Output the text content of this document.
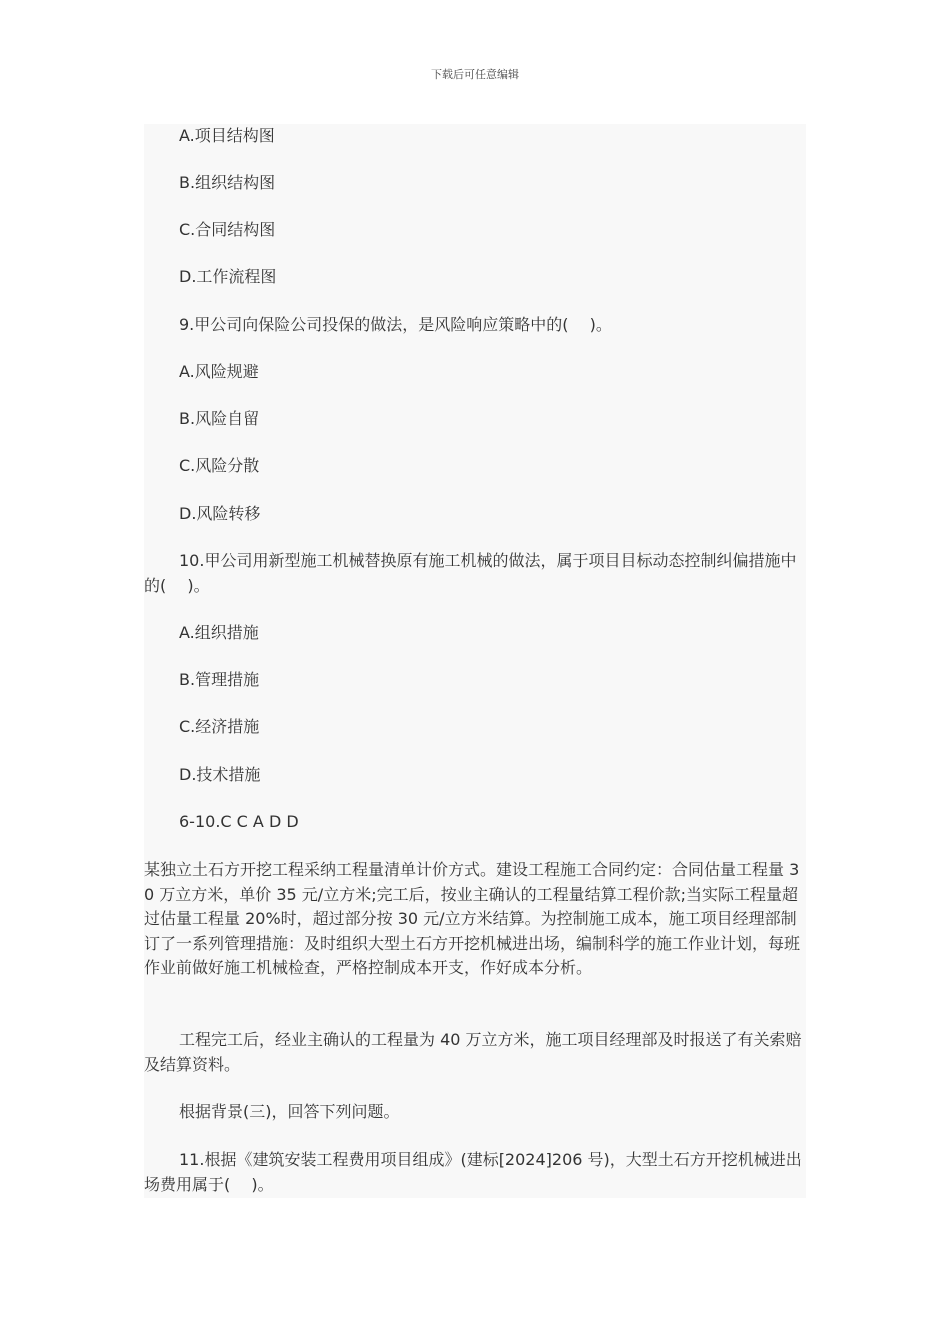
下载后可任意编辑

A.项目结构图

B.组织结构图

C.合同结构图

D.工作流程图

9.甲公司向保险公司投保的做法，是风险响应策略中的(　 )。

A.风险规避

B.风险自留

C.风险分散

D.风险转移

10.甲公司用新型施工机械替换原有施工机械的做法，属于项目目标动态控制纠偏措施中的(　 )。

A.组织措施

B.管理措施

C.经济措施

D.技术措施

6-10.C C A D D

某独立土石方开挖工程采纳工程量清单计价方式。建设工程施工合同约定：合同估量工程量 30 万立方米，单价 35 元/立方米;完工后，按业主确认的工程量结算工程价款;当实际工程量超过估量工程量 20%时，超过部分按 30 元/立方米结算。为控制施工成本，施工项目经理部制订了一系列管理措施：及时组织大型土石方开挖机械进出场，编制科学的施工作业计划，每班作业前做好施工机械检查，严格控制成本开支，作好成本分析。

工程完工后，经业主确认的工程量为 40 万立方米，施工项目经理部及时报送了有关索赔及结算资料。

根据背景(三)，回答下列问题。

11.根据《建筑安装工程费用项目组成》(建标[2024]206 号)，大型土石方开挖机械进出场费用属于(　 )。
